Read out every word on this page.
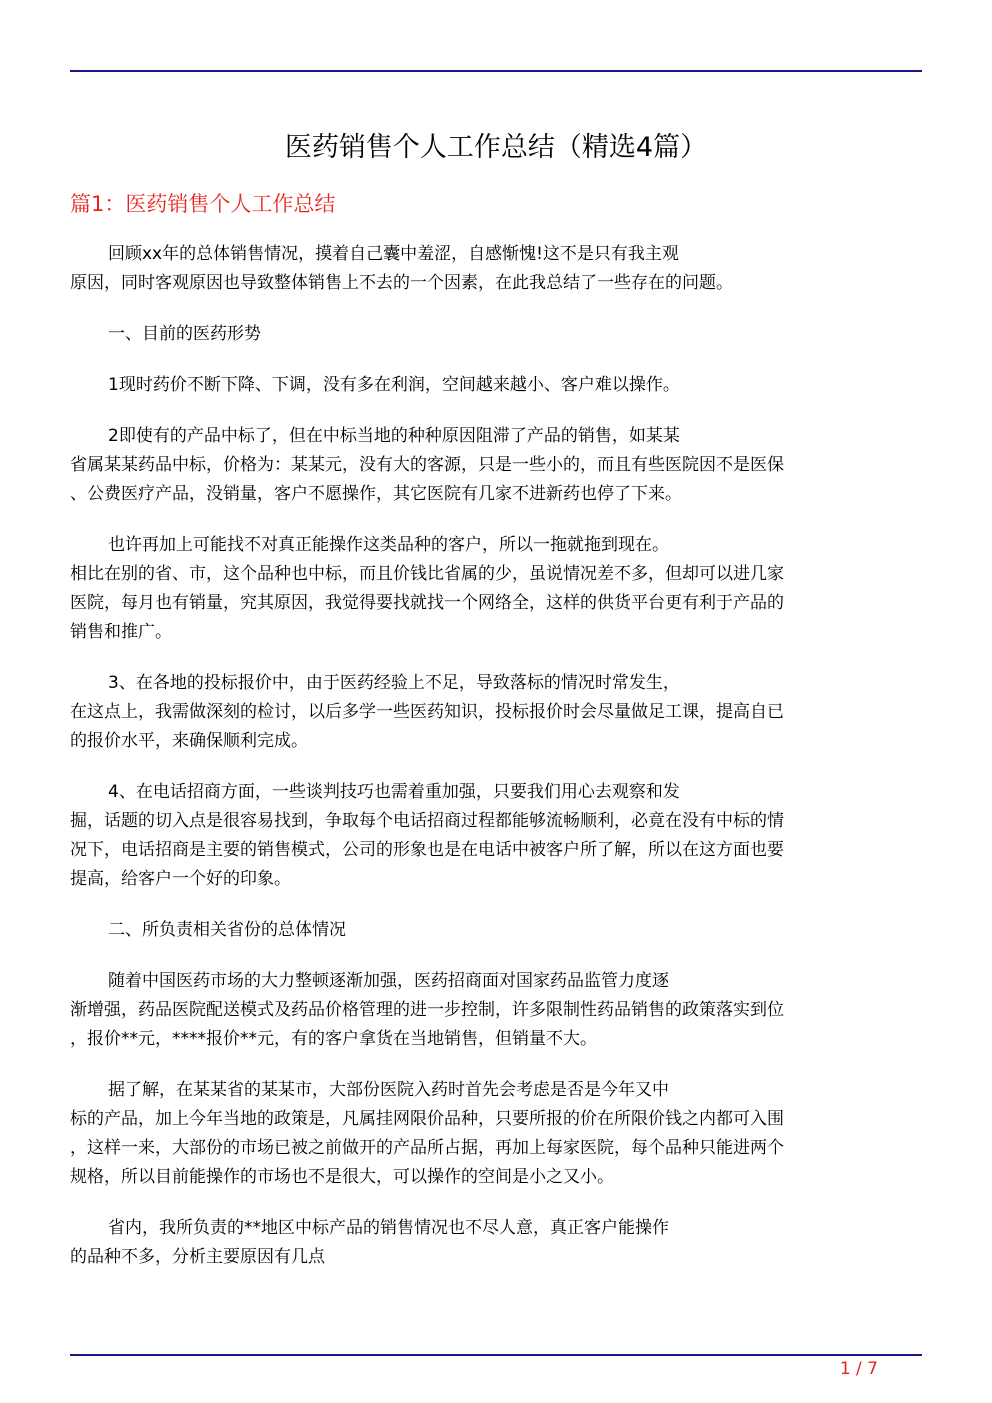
医药销售个人工作总结（精选4篇）
篇1：医药销售个人工作总结

回顾xx年的总体销售情况，摸着自己囊中羞涩，自感惭愧!这不是只有我主观
原因，同时客观原因也导致整体销售上不去的一个因素，在此我总结了一些存在的问题。

一、目前的医药形势

1现时药价不断下降、下调，没有多在利润，空间越来越小、客户难以操作。

2即使有的产品中标了，但在中标当地的种种原因阻滞了产品的销售，如某某
省属某某药品中标，价格为：某某元，没有大的客源，只是一些小的，而且有些医院因不是医保
、公费医疗产品，没销量，客户不愿操作，其它医院有几家不进新药也停了下来。

也许再加上可能找不对真正能操作这类品种的客户，所以一拖就拖到现在。
相比在别的省、市，这个品种也中标，而且价钱比省属的少，虽说情况差不多，但却可以进几家
医院，每月也有销量，究其原因，我觉得要找就找一个网络全，这样的供货平台更有利于产品的
销售和推广。

3、在各地的投标报价中，由于医药经验上不足，导致落标的情况时常发生，
在这点上，我需做深刻的检讨，以后多学一些医药知识，投标报价时会尽量做足工课，提高自已
的报价水平，来确保顺利完成。

4、在电话招商方面，一些谈判技巧也需着重加强，只要我们用心去观察和发
掘，话题的切入点是很容易找到，争取每个电话招商过程都能够流畅顺利，必竟在没有中标的情
况下，电话招商是主要的销售模式，公司的形象也是在电话中被客户所了解，所以在这方面也要
提高，给客户一个好的印象。

二、所负责相关省份的总体情况

随着中国医药市场的大力整顿逐渐加强，医药招商面对国家药品监管力度逐
渐增强，药品医院配送模式及药品价格管理的进一步控制，许多限制性药品销售的政策落实到位
，报价**元，****报价**元，有的客户拿货在当地销售，但销量不大。

据了解，在某某省的某某市，大部份医院入药时首先会考虑是否是今年又中
标的产品，加上今年当地的政策是，凡属挂网限价品种，只要所报的价在所限价钱之内都可入围
，这样一来，大部份的市场已被之前做开的产品所占据，再加上每家医院，每个品种只能进两个
规格，所以目前能操作的市场也不是很大，可以操作的空间是小之又小。

省内，我所负责的**地区中标产品的销售情况也不尽人意，真正客户能操作
的品种不多，分析主要原因有几点

1 / 7
